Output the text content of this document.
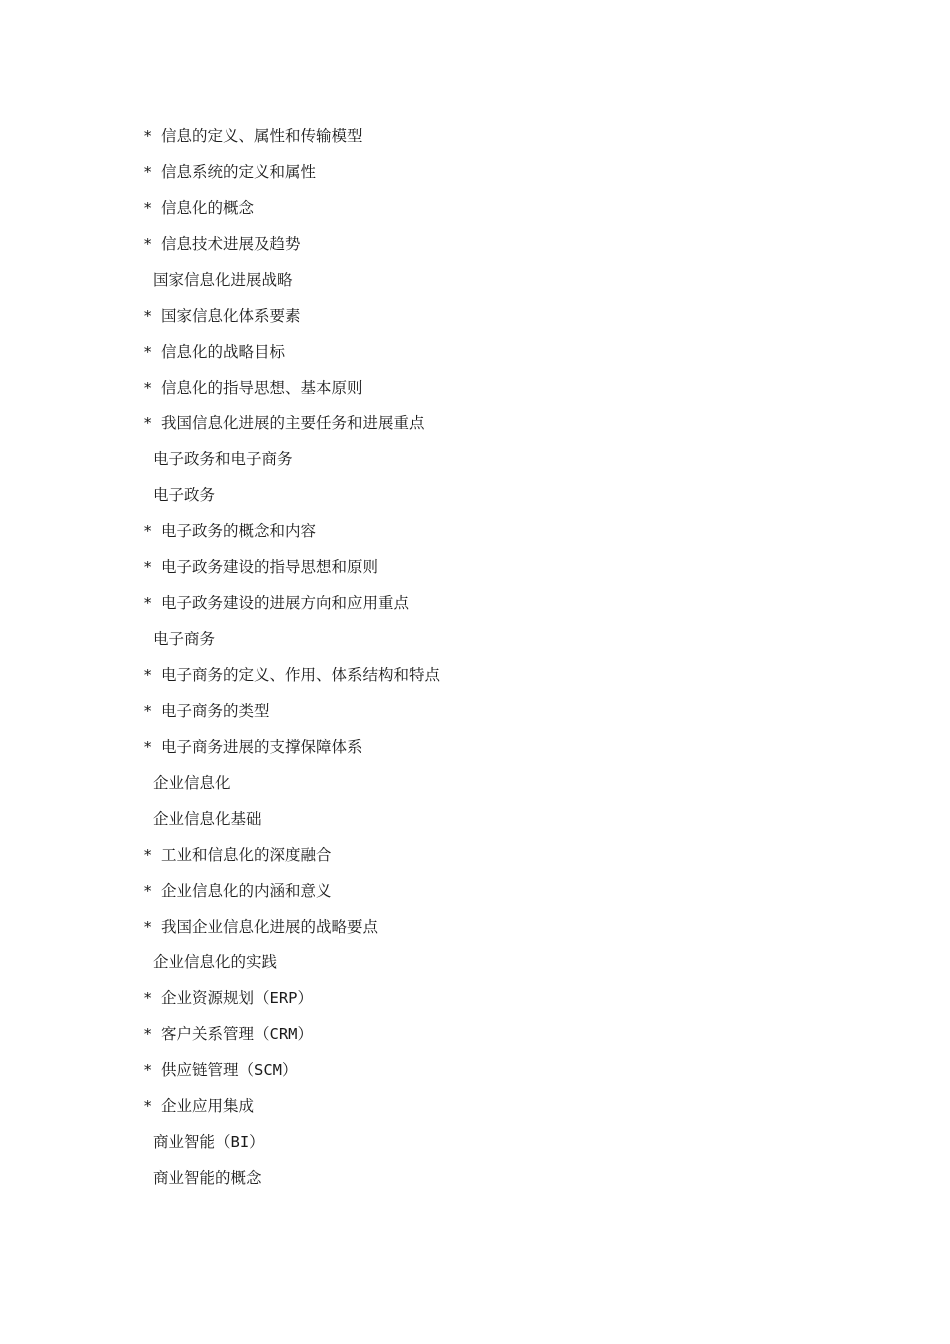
* 信息的定义、属性和传输模型
* 信息系统的定义和属性
* 信息化的概念
* 信息技术进展及趋势
国家信息化进展战略
* 国家信息化体系要素
* 信息化的战略目标
* 信息化的指导思想、基本原则
* 我国信息化进展的主要任务和进展重点
电子政务和电子商务
电子政务
* 电子政务的概念和内容
* 电子政务建设的指导思想和原则
* 电子政务建设的进展方向和应用重点
电子商务
* 电子商务的定义、作用、体系结构和特点
* 电子商务的类型
* 电子商务进展的支撑保障体系
企业信息化
企业信息化基础
* 工业和信息化的深度融合
* 企业信息化的内涵和意义
* 我国企业信息化进展的战略要点
企业信息化的实践
* 企业资源规划（ERP）
* 客户关系管理（CRM）
* 供应链管理（SCM）
* 企业应用集成
商业智能（BI）
商业智能的概念
